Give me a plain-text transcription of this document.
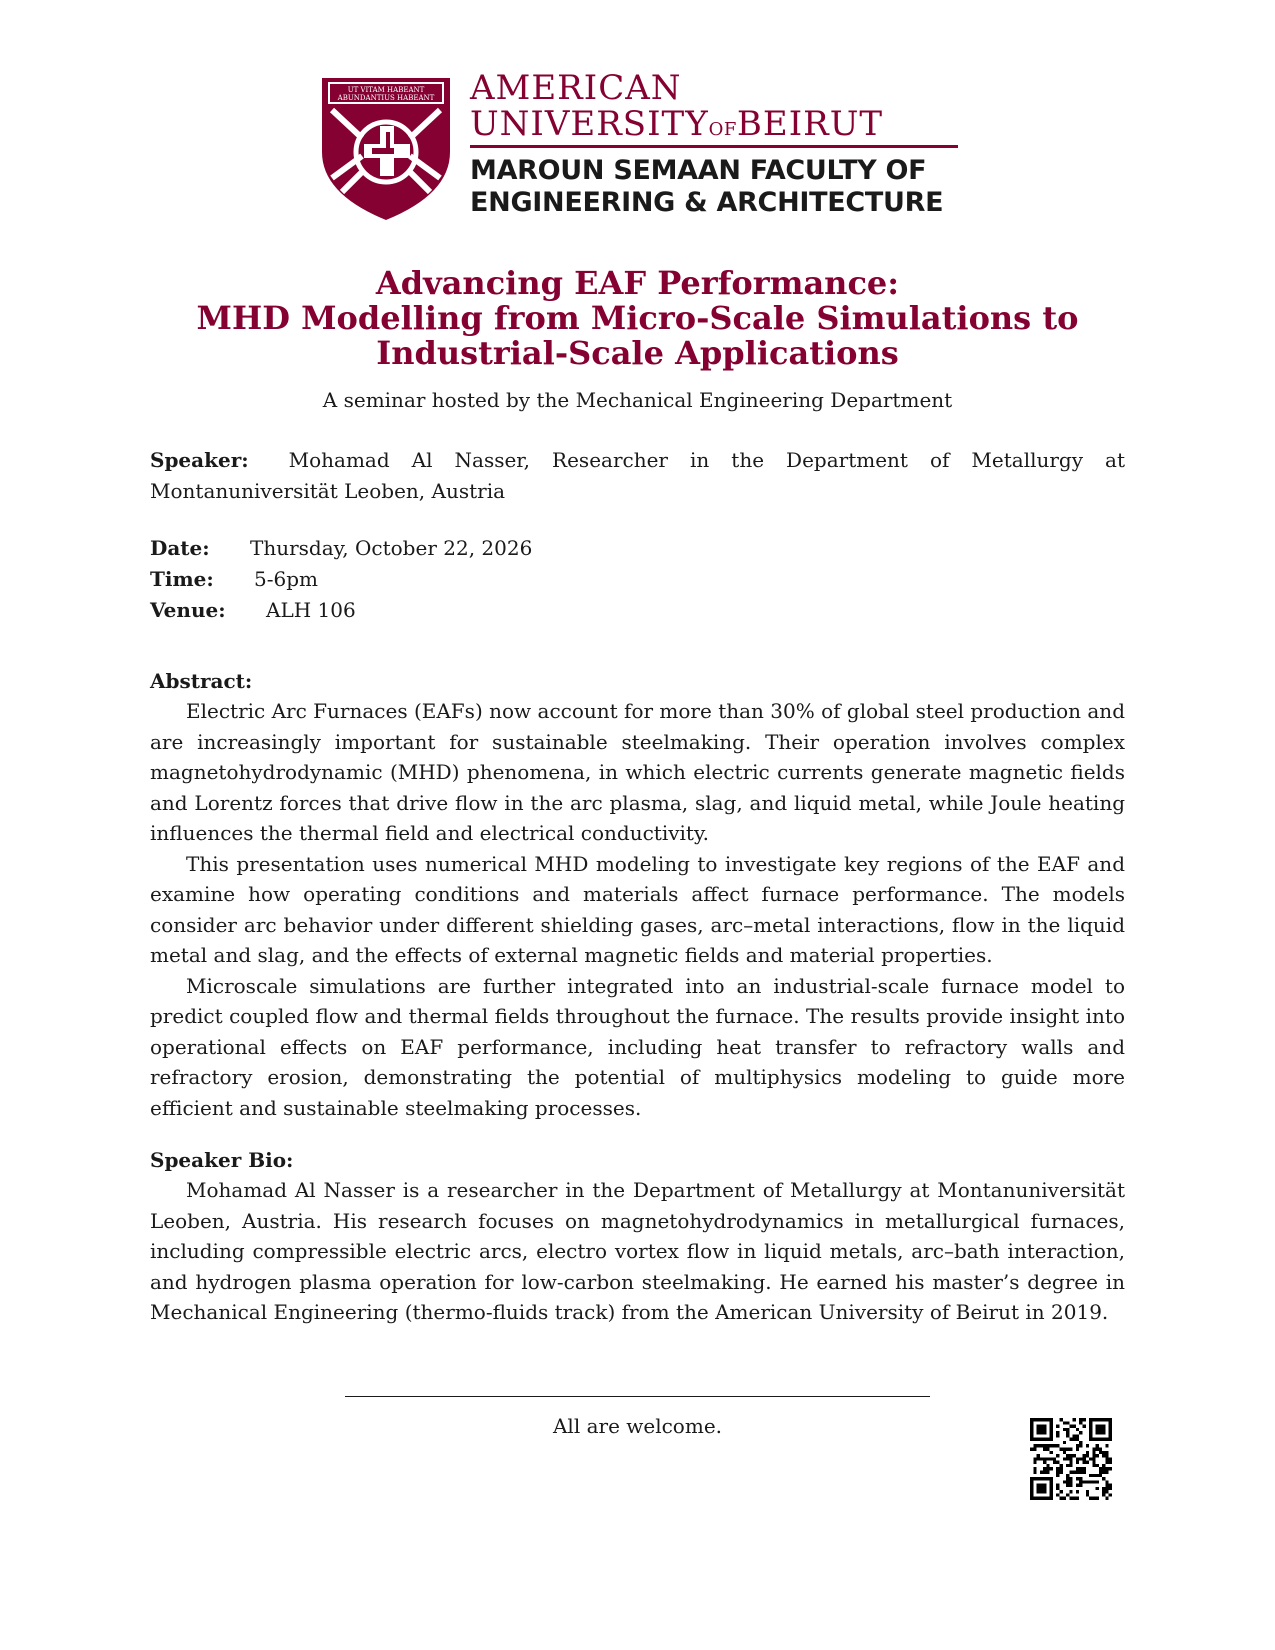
UT VITAM HABEANT
ABUNDANTIUS HABEANT AMERICAN
UNIVERSITYOFBEIRUT
MAROUN SEMAAN FACULTY OF
ENGINEERING & ARCHITECTURE
Advancing EAF Performance:
MHD Modelling from Micro-Scale Simulations to
Industrial-Scale Applications
A seminar hosted by the Mechanical Engineering Department
Speaker: Mohamad Al Nasser, Researcher in the Department of Metallurgy at Montanuniversität Leoben, Austria
Date: Thursday, October 22, 2026
Time: 5-6pm
Venue: ALH 106
Abstract:

Electric Arc Furnaces (EAFs) now account for more than 30% of global steel production and are increasingly important for sustainable steelmaking. Their operation involves complex magnetohydrodynamic (MHD) phenomena, in which electric currents generate magnetic fields and Lorentz forces that drive flow in the arc plasma, slag, and liquid metal, while Joule heating influences the thermal field and electrical conductivity.

This presentation uses numerical MHD modeling to investigate key regions of the EAF and examine how operating conditions and materials affect furnace performance. The models consider arc behavior under different shielding gases, arc–metal interactions, flow in the liquid metal and slag, and the effects of external magnetic fields and material properties.

Microscale simulations are further integrated into an industrial-scale furnace model to predict coupled flow and thermal fields throughout the furnace. The results provide insight into operational effects on EAF performance, including heat transfer to refractory walls and refractory erosion, demonstrating the potential of multiphysics modeling to guide more efficient and sustainable steelmaking processes.

Speaker Bio:

Mohamad Al Nasser is a researcher in the Department of Metallurgy at Montanuniversität Leoben, Austria. His research focuses on magnetohydrodynamics in metallurgical furnaces, including compressible electric arcs, electro vortex flow in liquid metals, arc–bath interaction, and hydrogen plasma operation for low-carbon steelmaking. He earned his master’s degree in Mechanical Engineering (thermo-fluids track) from the American University of Beirut in 2019.

All are welcome.
